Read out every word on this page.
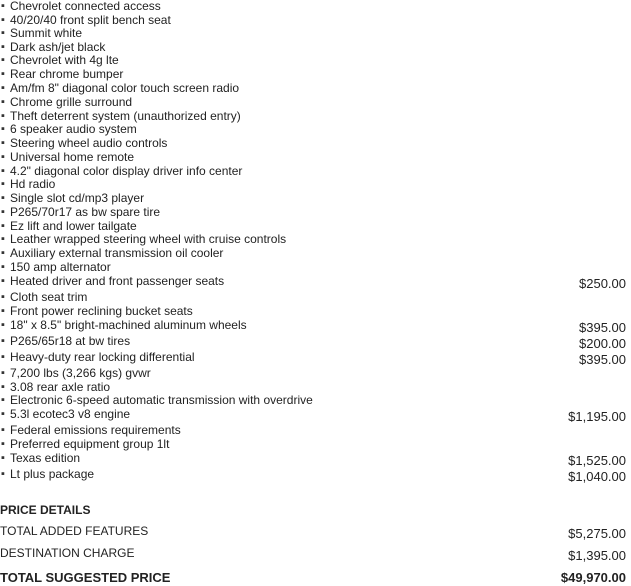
▪ Chevrolet connected access
▪ 40/20/40 front split bench seat
▪ Summit white
▪ Dark ash/jet black
▪ Chevrolet with 4g lte
▪ Rear chrome bumper
▪ Am/fm 8" diagonal color touch screen radio
▪ Chrome grille surround
▪ Theft deterrent system (unauthorized entry)
▪ 6 speaker audio system
▪ Steering wheel audio controls
▪ Universal home remote
▪ 4.2" diagonal color display driver info center
▪ Hd radio
▪ Single slot cd/mp3 player
▪ P265/70r17 as bw spare tire
▪ Ez lift and lower tailgate
▪ Leather wrapped steering wheel with cruise controls
▪ Auxiliary external transmission oil cooler
▪ 150 amp alternator
▪ Heated driver and front passenger seats	$250.00
▪ Cloth seat trim
▪ Front power reclining bucket seats
▪ 18" x 8.5" bright-machined aluminum wheels	$395.00
▪ P265/65r18 at bw tires	$200.00
▪ Heavy-duty rear locking differential	$395.00
▪ 7,200 lbs (3,266 kgs) gvwr
▪ 3.08 rear axle ratio
▪ Electronic 6-speed automatic transmission with overdrive
▪ 5.3l ecotec3 v8 engine	$1,195.00
▪ Federal emissions requirements
▪ Preferred equipment group 1lt
▪ Texas edition	$1,525.00
▪ Lt plus package	$1,040.00
PRICE DETAILS
TOTAL ADDED FEATURES	$5,275.00
DESTINATION CHARGE	$1,395.00
TOTAL SUGGESTED PRICE	$49,970.00
